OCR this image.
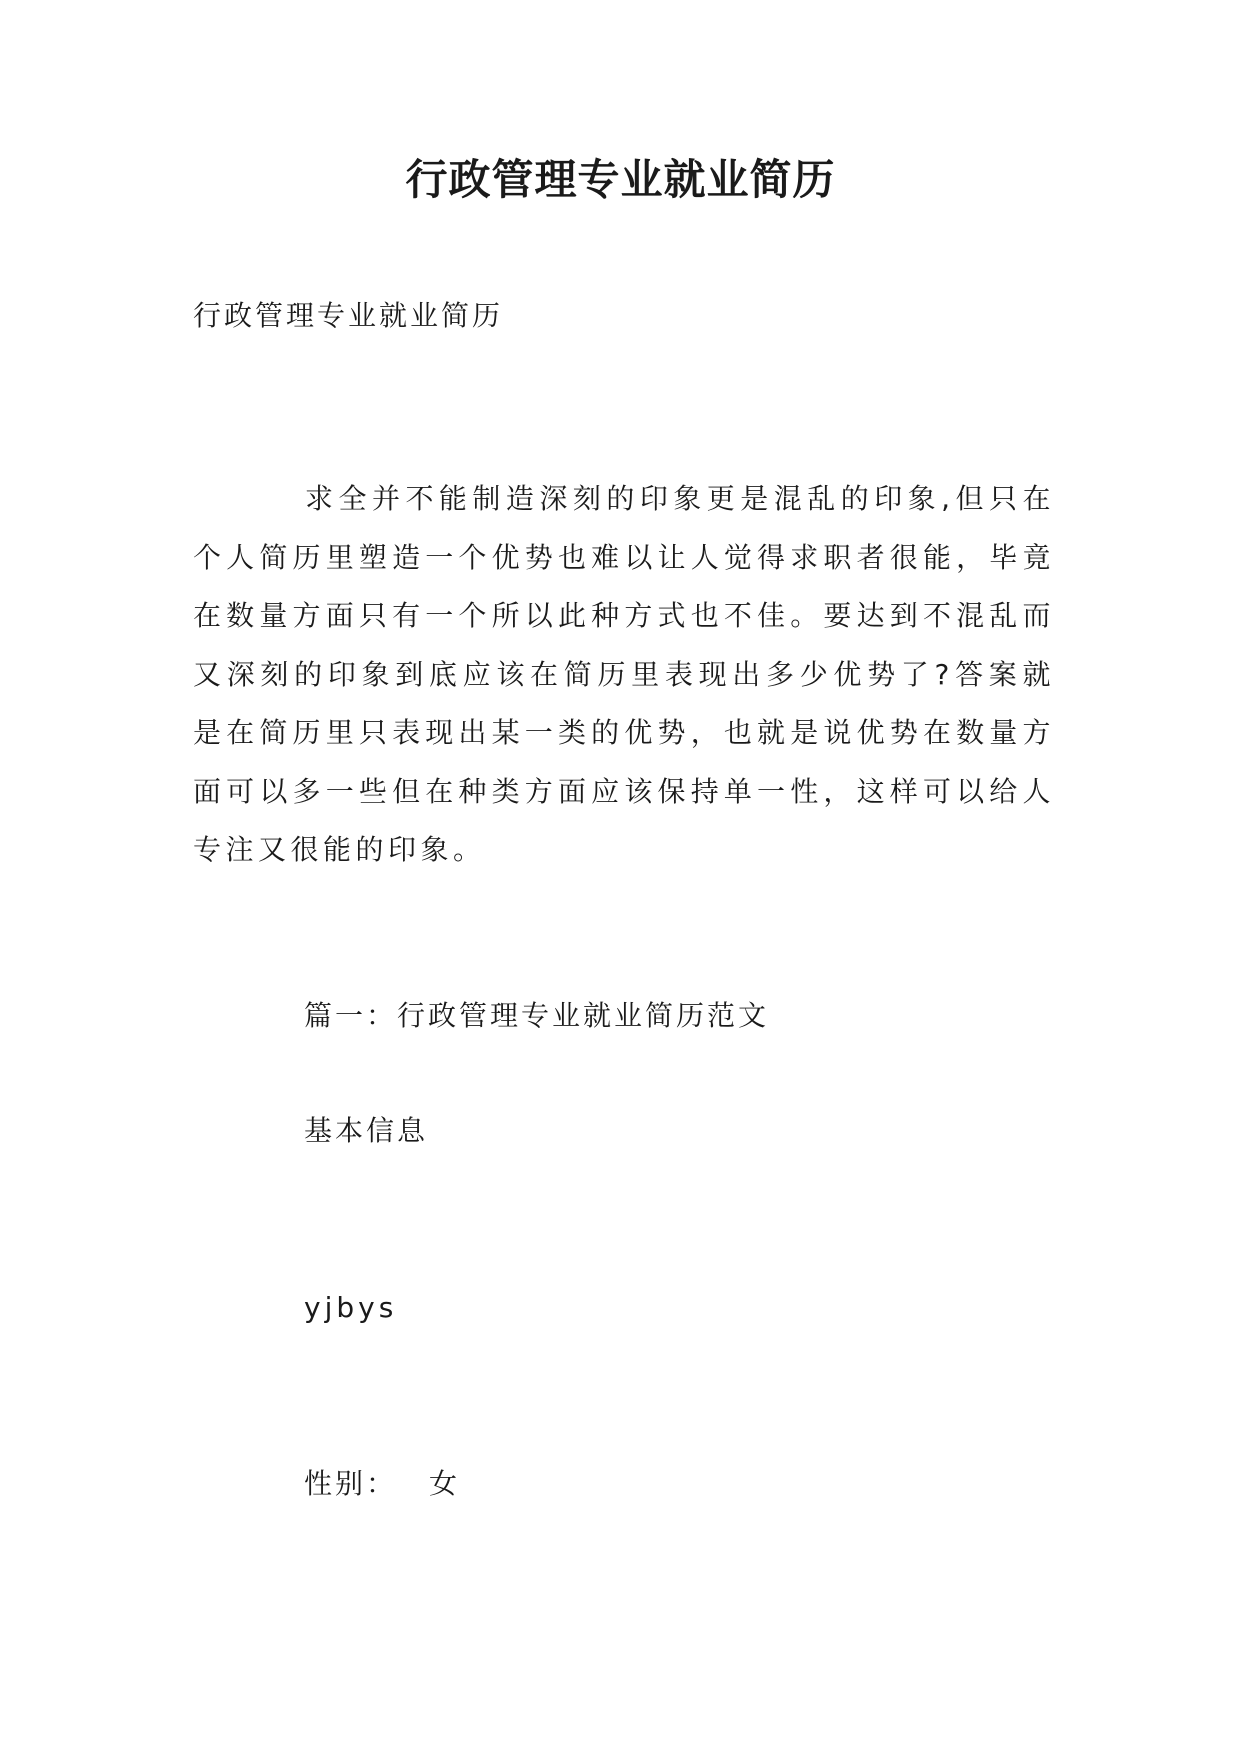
行政管理专业就业简历

行政管理专业就业简历

求全并不能制造深刻的印象更是混乱的印象,但只在个人简历里塑造一个优势也难以让人觉得求职者很能，毕竟在数量方面只有一个所以此种方式也不佳。要达到不混乱而又深刻的印象到底应该在简历里表现出多少优势了?答案就是在简历里只表现出某一类的优势，也就是说优势在数量方面可以多一些但在种类方面应该保持单一性，这样可以给人专注又很能的印象。

篇一：行政管理专业就业简历范文

基本信息

yjbys

性别： 女
